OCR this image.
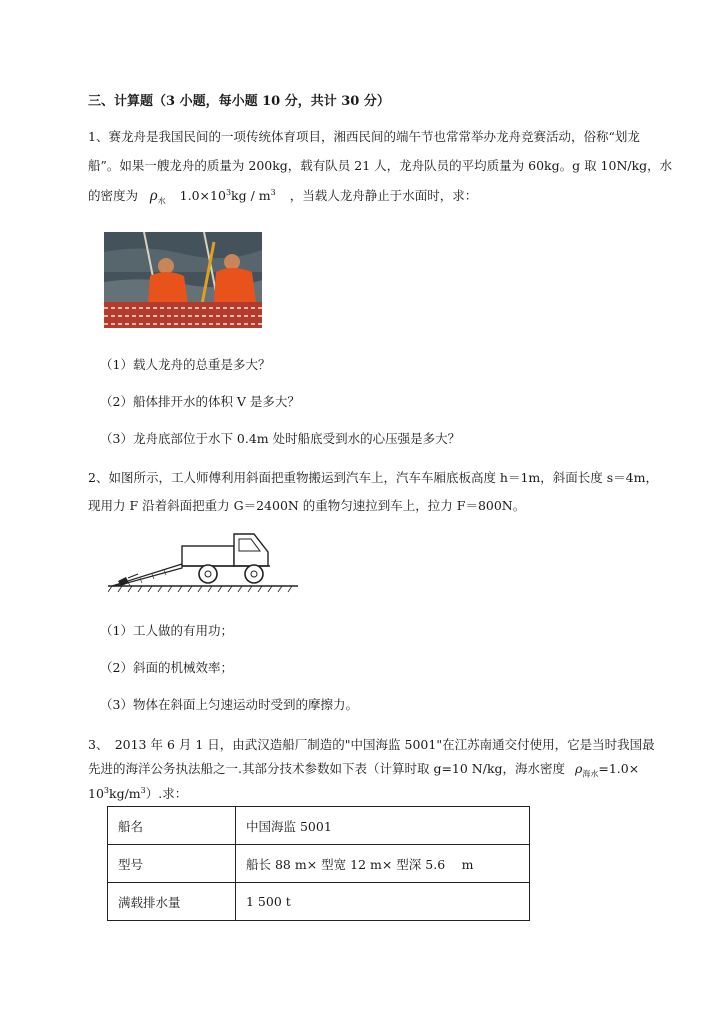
三、计算题（3 小题，每小题 10 分，共计 30 分）
1、赛龙舟是我国民间的一项传统体育项目，湘西民间的端午节也常常举办龙舟竞赛活动，俗称“划龙
船”。如果一艘龙舟的质量为 200kg，载有队员 21 人，龙舟队员的平均质量为 60kg。g 取 10N/kg，水
的密度为 $\rho_水$ $1.0\times 10^3kg / m^3$ ，当载人龙舟静止于水面时，求：
（1）载人龙舟的总重是多大？
（2）船体排开水的体积 V 是多大？
（3）龙舟底部位于水下 0.4m 处时船底受到水的心压强是多大？
2、如图所示，工人师傅利用斜面把重物搬运到汽车上，汽车车厢底板高度 h＝1m，斜面长度 s＝4m，
现用力 F 沿着斜面把重力 G＝2400N 的重物匀速拉到车上，拉力 F＝800N。
（1）工人做的有用功；
（2）斜面的机械效率；
（3）物体在斜面上匀速运动时受到的摩擦力。
3、　2013 年 6 月 1 日，由武汉造船厂制造的"中国海监 5001"在江苏南通交付使用，它是当时我国最
先进的海洋公务执法船之一.其部分技术参数如下表（计算时取 g=10 N/kg，海水密度 $\rho_{海水}=1.0\times$
$10^3kg/m^3$）.求：
船名	中国海监 5001
型号	船长 88 m× 型宽 12 m× 型深 5.6　 m
满载排水量	1 500 t
